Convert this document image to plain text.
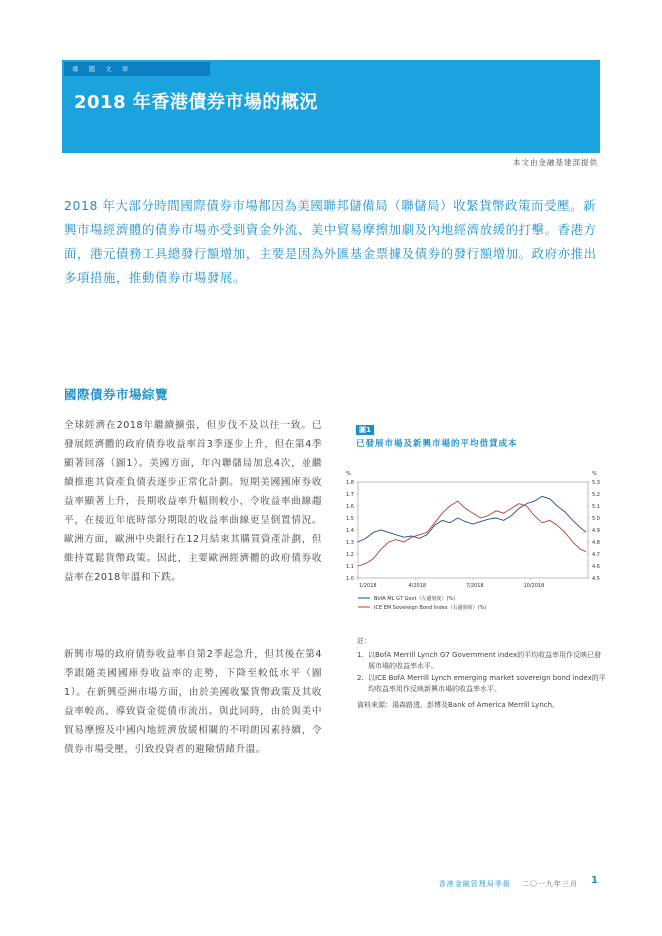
專 題 文 章
2018 年香港債券市場的概況
本文由金融基建部提供
2018 年大部分時間國際債券市場都因為美國聯邦儲備局（聯儲局）收緊貨幣政策而受壓。新興市場經濟體的債券市場亦受到資金外流、美中貿易摩擦加劇及內地經濟放緩的打擊。香港方面，港元債務工具總發行額增加，主要是因為外匯基金票據及債券的發行額增加。政府亦推出多項措施，推動債券市場發展。
國際債券市場綜覽
全球經濟在2018年繼續擴張，但步伐不及以往一致。已發展經濟體的政府債券收益率首3季逐步上升，但在第4季顯著回落（圖1）。美國方面，年內聯儲局加息4次，並繼續推進其資產負債表逐步正常化計劃。短期美國國庫券收益率顯著上升，長期收益率升幅則較小，令收益率曲線趨平，在接近年底時部分期限的收益率曲線更呈倒置情況。歐洲方面，歐洲中央銀行在12月結束其購買資產計劃，但維持寬鬆貨幣政策。因此，主要歐洲經濟體的政府債券收益率在2018年溫和下跌。
新興市場的政府債券收益率自第2季起急升，但其後在第4季跟隨美國國庫券收益率的走勢，下降至較低水平（圖1）。在新興亞洲市場方面，由於美國收緊貨幣政策及其收益率較高，導致資金從債市流出。與此同時，由於與美中貿易摩擦及中國內地經濟放緩相關的不明朗因素持續，令債券市場受壓，引致投資者的避險情緒升溫。
圖1
已發展市場及新興市場的平均借貸成本
%	%
1.8
1.7
1.6
1.5
1.4
1.3
1.2
1.1
1.0
5.3
5.2
5.1
5.0
4.9
4.8
4.7
4.6
4.5
1/2018	4/2018	7/2018	10/2018
BofA ML G7 Govt（左邊刻度）(%)
ICE EM Sovereign Bond Index（右邊刻度）(%)
註：
1. 以BofA Merrill Lynch G7 Government index的平均收益率用作反映已發展市場的收益率水平。
2. 以ICE BofA Merrill Lynch emerging market sovereign bond index的平均收益率用作反映新興市場的收益率水平。
資料來源：湯森路透、彭博及Bank of America Merrill Lynch。
香港金融管理局季報 二〇一九年三月 1
